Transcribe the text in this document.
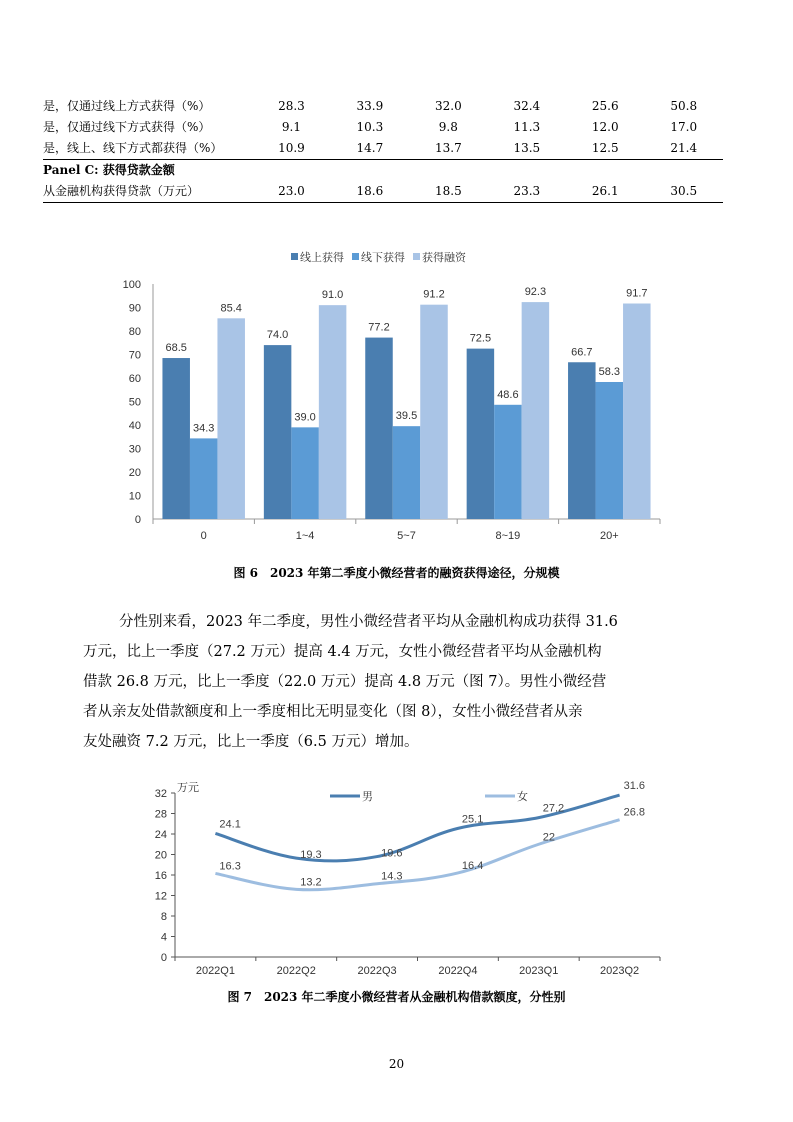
是，仅通过线上方式获得（%）	28.3	33.9	32.0	32.4	25.6	50.8
是，仅通过线下方式获得（%）	9.1	10.3	9.8	11.3	12.0	17.0
是，线上、线下方式都获得（%）	10.9	14.7	13.7	13.5	12.5	21.4
Panel C: 获得贷款金额						
从金融机构获得贷款（万元）	23.0	18.6	18.5	23.3	26.1	30.5
0
10
20
30
40
50
60
70
80
90
100
0
68.5
34.3
85.4
1~4
74.0
39.0
91.0
5~7
77.2
39.5
91.2
8~19
72.5
48.6
92.3
20+
66.7
58.3
91.7
线上获得 线下获得 获得融资
图 6　2023 年第二季度小微经营者的融资获得途径，分规模
分性别来看，2023 年二季度，男性小微经营者平均从金融机构成功获得 31.6
万元，比上一季度（27.2 万元）提高 4.4 万元，女性小微经营者平均从金融机构
借款 26.8 万元，比上一季度（22.0 万元）提高 4.8 万元（图 7）。男性小微经营
者从亲友处借款额度和上一季度相比无明显变化（图 8），女性小微经营者从亲
友处融资 7.2 万元，比上一季度（6.5 万元）增加。
0
4
8
12
16
20
24
28
32 万元
2022Q1	2022Q2	2022Q3	2022Q4	2023Q1	2023Q2
24.1
19.3	19.6
25.1
27.2
31.6
男
16.3
13.2	14.3
16.4
22
26.8
女
图 7　2023 年二季度小微经营者从金融机构借款额度，分性别
20
